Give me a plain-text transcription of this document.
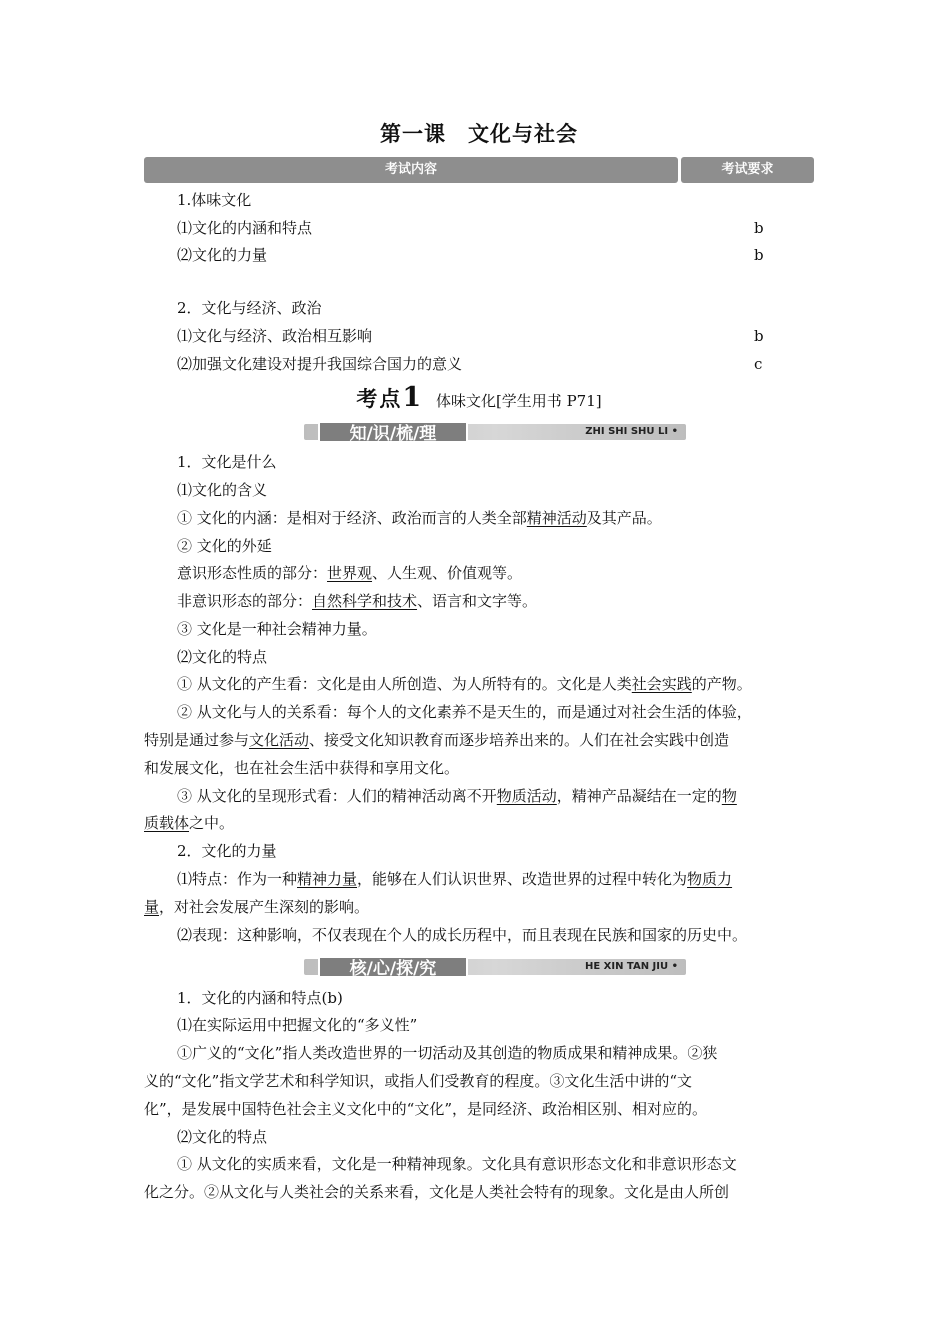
第一课　文化与社会
考试内容	考试要求
1.体味文化
⑴文化的内涵和特点	b
⑵文化的力量	b
2．文化与经济、政治
⑴文化与经济、政治相互影响	b
⑵加强文化建设对提升我国综合国力的意义	c
考点1 体味文化[学生用书 P71]
知/识/梳/理	ZHI SHI SHU LI •
1．文化是什么
⑴文化的含义
① 文化的内涵：是相对于经济、政治而言的人类全部精神活动及其产品。
② 文化的外延
意识形态性质的部分：世界观、人生观、价值观等。
非意识形态的部分：自然科学和技术、语言和文字等。
③ 文化是一种社会精神力量。
⑵文化的特点
① 从文化的产生看：文化是由人所创造、为人所特有的。文化是人类社会实践的产物。
② 从文化与人的关系看：每个人的文化素养不是天生的，而是通过对社会生活的体验，
特别是通过参与文化活动、接受文化知识教育而逐步培养出来的。人们在社会实践中创造
和发展文化，也在社会生活中获得和享用文化。
③ 从文化的呈现形式看：人们的精神活动离不开物质活动，精神产品凝结在一定的物
质载体之中。
2．文化的力量
⑴特点：作为一种精神力量，能够在人们认识世界、改造世界的过程中转化为物质力
量，对社会发展产生深刻的影响。
⑵表现：这种影响，不仅表现在个人的成长历程中，而且表现在民族和国家的历史中。
核/心/探/究	HE XIN TAN JIU •
1．文化的内涵和特点(b)
⑴在实际运用中把握文化的“多义性”
①广义的“文化”指人类改造世界的一切活动及其创造的物质成果和精神成果。②狭
义的“文化”指文学艺术和科学知识，或指人们受教育的程度。③文化生活中讲的“文
化”，是发展中国特色社会主义文化中的“文化”，是同经济、政治相区别、相对应的。
⑵文化的特点
① 从文化的实质来看，文化是一种精神现象。文化具有意识形态文化和非意识形态文
化之分。②从文化与人类社会的关系来看，文化是人类社会特有的现象。文化是由人所创
